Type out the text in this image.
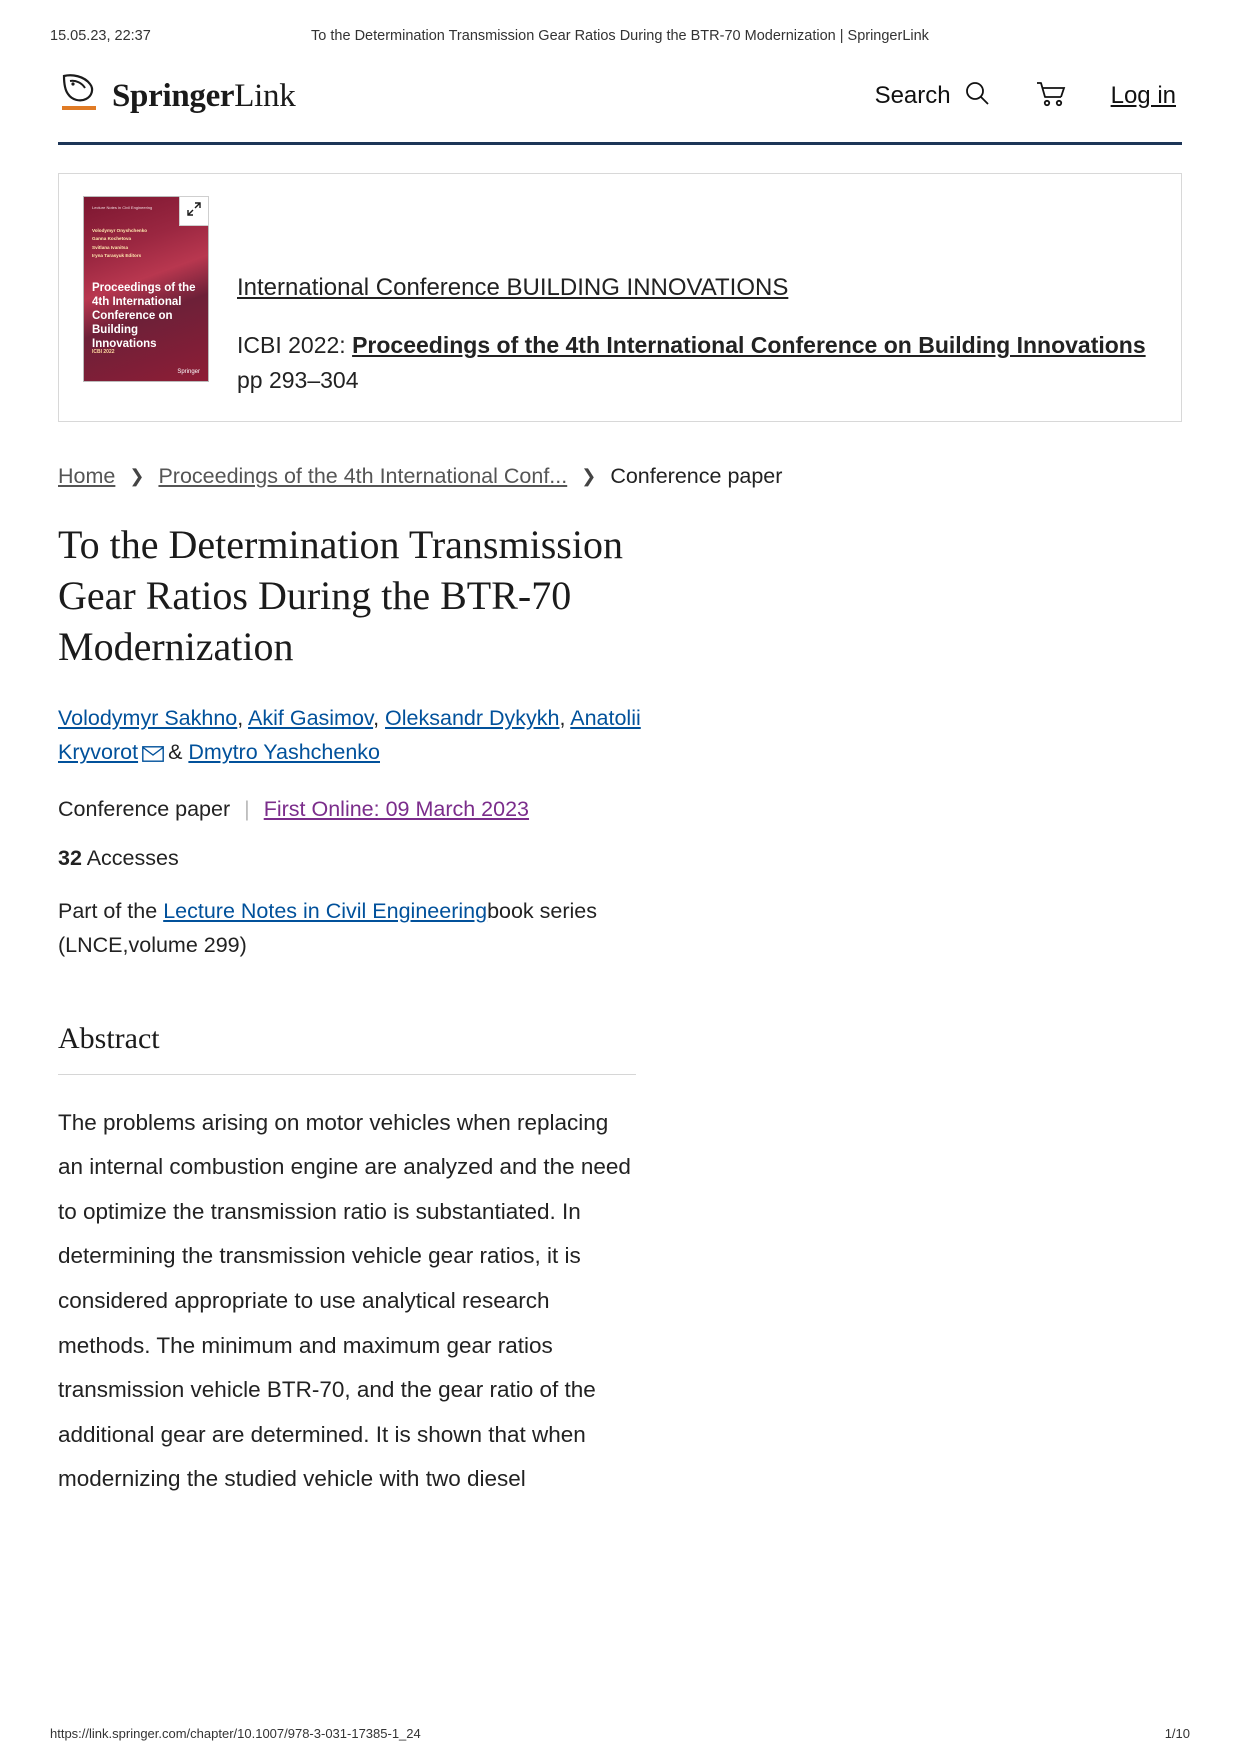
15.05.23, 22:37	To the Determination Transmission Gear Ratios During the BTR-70 Modernization | SpringerLink
SpringerLink	Search	Log in
Lecture Notes in Civil Engineering
Volodymyr Onyshchenko
Ganna Kochetova
Svitlana Ivanitsa
Iryna Tarasyuk Editors
Proceedings of the 4th International Conference on Building Innovations
ICBI 2022
Springer
International Conference BUILDING INNOVATIONS
ICBI 2022: Proceedings of the 4th International Conference on Building Innovations pp 293–304
Home ❯ Proceedings of the 4th International Conf... ❯ Conference paper
To the Determination Transmission Gear Ratios During the BTR-70 Modernization
Volodymyr Sakhno, Akif Gasimov, Oleksandr Dykykh, Anatolii Kryvorot & Dmytro Yashchenko
Conference paper | First Online: 09 March 2023
32 Accesses
Part of the Lecture Notes in Civil Engineeringbook series
(LNCE,volume 299)
Abstract
The problems arising on motor vehicles when replacing an internal combustion engine are analyzed and the need to optimize the transmission ratio is substantiated. In determining the transmission vehicle gear ratios, it is considered appropriate to use analytical research methods. The minimum and maximum gear ratios transmission vehicle BTR-70, and the gear ratio of the additional gear are determined. It is shown that when modernizing the studied vehicle with two diesel
https://link.springer.com/chapter/10.1007/978-3-031-17385-1_24	1/10
